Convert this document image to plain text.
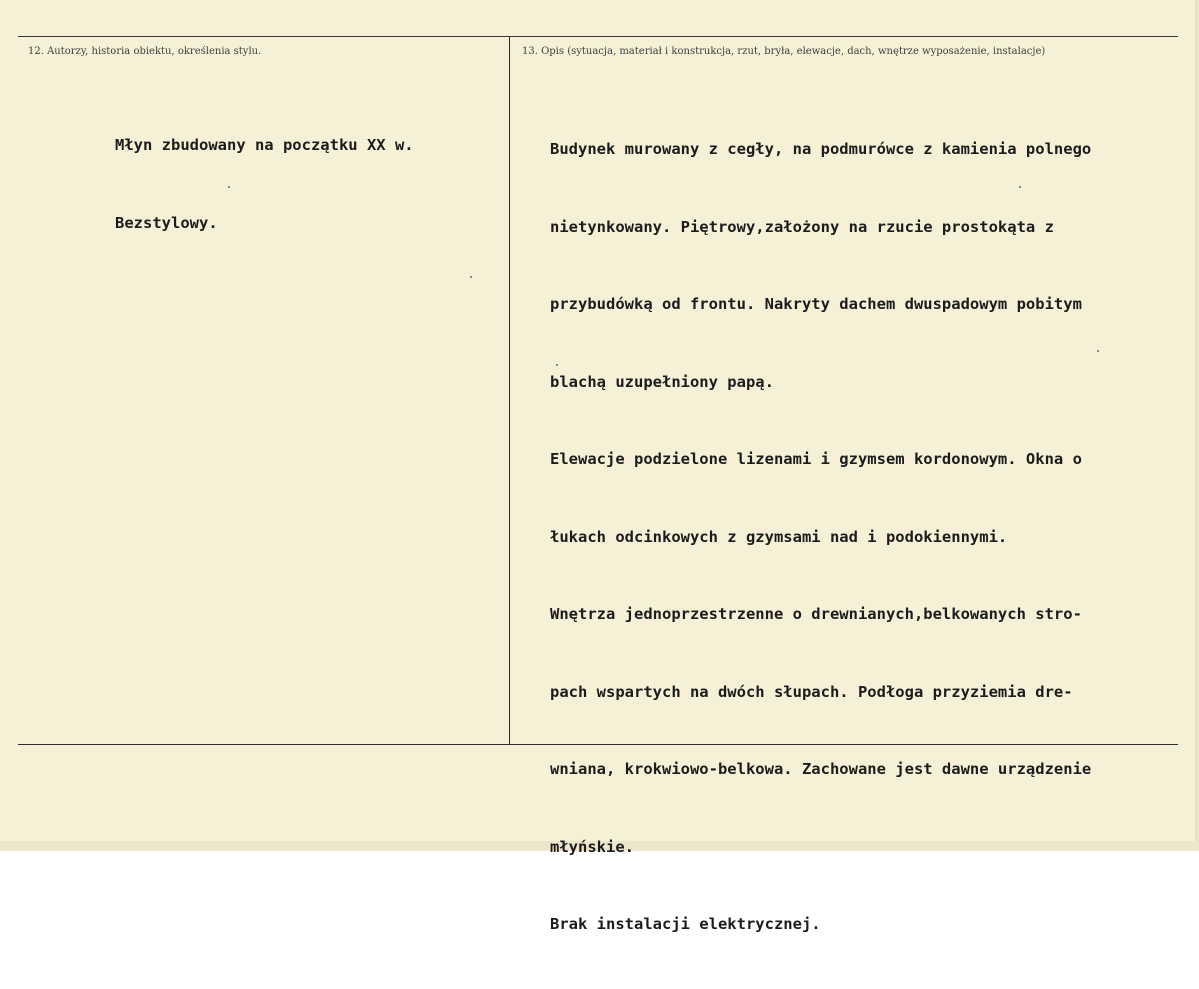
12. Autorzy, historia obiektu, określenia stylu.	13. Opis (sytuacja, materiał i konstrukcja, rzut, bryła, elewacje, dach, wnętrze wyposażenie, instalacje)

Młyn zbudowany na początku XX w.

Bezstylowy.

Budynek murowany z cegły, na podmurówce z kamienia polnego

nietynkowany. Piętrowy,założony na rzucie prostokąta z

przybudówką od frontu. Nakryty dachem dwuspadowym pobitym

blachą uzupełniony papą.

Elewacje podzielone lizenami i gzymsem kordonowym. Okna o

łukach odcinkowych z gzymsami nad i podokiennymi.

Wnętrza jednoprzestrzenne o drewnianych,belkowanych stro-

pach wspartych na dwóch słupach. Podłoga przyziemia dre-

wniana, krokwiowo-belkowa. Zachowane jest dawne urządzenie

młyńskie.

Brak instalacji elektrycznej.
